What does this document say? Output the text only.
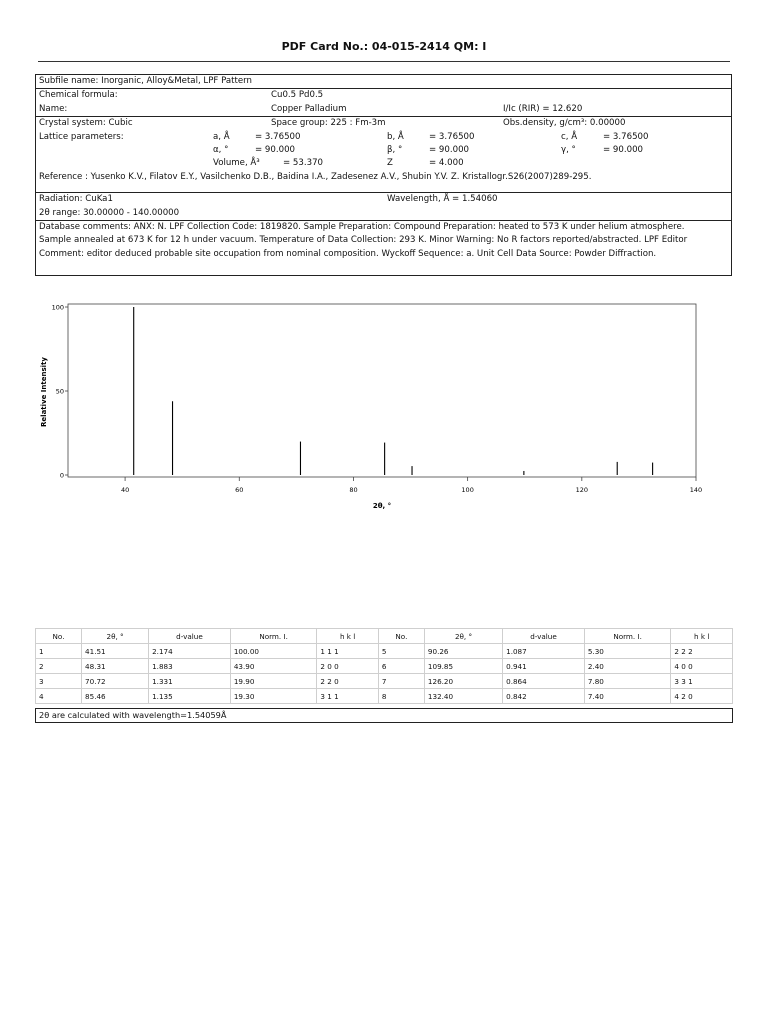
PDF Card No.: 04-015-2414 QM: I
Subfile name: Inorganic, Alloy&Metal, LPF Pattern
Chemical formula:	Cu0.5 Pd0.5
Name:	Copper Palladium	I/Ic (RIR) = 12.620
Crystal system: Cubic	Space group: 225 : Fm-3m	Obs.density, g/cm³: 0.00000
Lattice parameters:	a, Å	= 3.76500	b, Å	= 3.76500	c, Å	= 3.76500
α, °	= 90.000	β, °	= 90.000	γ, °	= 90.000
Volume, Å³	= 53.370	Z	= 4.000
Reference : Yusenko K.V., Filatov E.Y., Vasilchenko D.B., Baidina I.A., Zadesenez A.V., Shubin Y.V. Z. Kristallogr.S26(2007)289-295.
Radiation: CuKa1	Wavelength, Å = 1.54060
2θ range: 30.00000 - 140.00000
Database comments: ANX: N. LPF Collection Code: 1819820. Sample Preparation: Compound Preparation: heated to 573 K under helium atmosphere.
Sample annealed at 673 K for 12 h under vacuum. Temperature of Data Collection: 293 K. Minor Warning: No R factors reported/abstracted. LPF Editor
Comment: editor deduced probable site occupation from nominal composition. Wyckoff Sequence: a. Unit Cell Data Source: Powder Diffraction.
0
50
100
40	60	80	100	120	140
2θ, °
Relative Intensity
No.	2θ, °	d-value	Norm. I.	h k l	No.	2θ, °	d-value	Norm. I.	h k l
1	41.51	2.174	100.00	1 1 1	5	90.26	1.087	5.30	2 2 2
2	48.31	1.883	43.90	2 0 0	6	109.85	0.941	2.40	4 0 0
3	70.72	1.331	19.90	2 2 0	7	126.20	0.864	7.80	3 3 1
4	85.46	1.135	19.30	3 1 1	8	132.40	0.842	7.40	4 2 0
2θ are calculated with wavelength=1.54059Å
